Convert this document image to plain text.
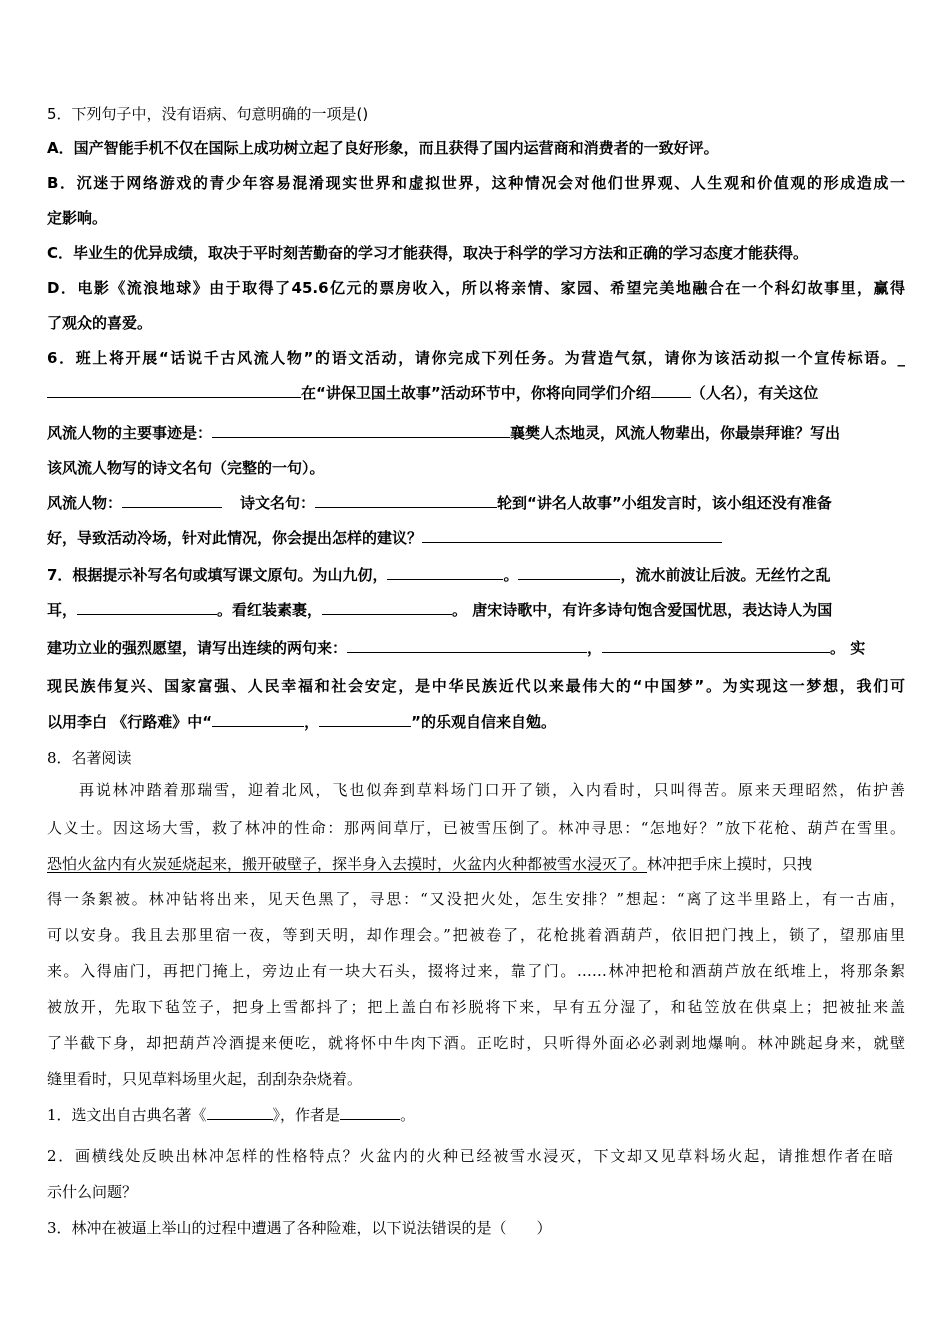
5．下列句子中，没有语病、句意明确的一项是()
A．国产智能手机不仅在国际上成功树立起了良好形象，而且获得了国内运营商和消费者的一致好评。
B．沉迷于网络游戏的青少年容易混淆现实世界和虚拟世界，这种情况会对他们世界观、人生观和价值观的形成造成一
定影响。
C．毕业生的优异成绩，取决于平时刻苦勤奋的学习才能获得，取决于科学的学习方法和正确的学习态度才能获得。
D．电影《流浪地球》由于取得了45.6亿元的票房收入，所以将亲情、家园、希望完美地融合在一个科幻故事里，赢得
了观众的喜爱。
6．班上将开展“话说千古风流人物”的语文活动，请你完成下列任务。为营造气氛，请你为该活动拟一个宣传标语。_
在“讲保卫国土故事”活动环节中，你将向同学们介绍	（人名），有关这位
风流人物的主要事迹是：	襄樊人杰地灵，风流人物辈出，你最崇拜谁？写出
该风流人物写的诗文名句（完整的一句）。
风流人物：	诗文名句：	轮到“讲名人故事”小组发言时，该小组还没有准备
好，导致活动冷场，针对此情况，你会提出怎样的建议？
7．根据提示补写名句或填写课文原句。为山九仞，	。	，流水前波让后波。无丝竹之乱
耳，	。看红装素裹，	。 唐宋诗歌中，有许多诗句饱含爱国忧思，表达诗人为国
建功立业的强烈愿望，请写出连续的两句来：	，	。 实
现民族伟复兴、国家富强、人民幸福和社会安定，是中华民族近代以来最伟大的“中国梦”。为实现这一梦想，我们可
以用李白 《行路难》中“	，	”的乐观自信来自勉。
8．名著阅读
再说林冲踏着那瑞雪，迎着北风，飞也似奔到草料场门口开了锁，入内看时，只叫得苦。原来天理昭然，佑护善
人义士。因这场大雪，救了林冲的性命：那两间草厅，已被雪压倒了。林冲寻思：“怎地好？”放下花枪、葫芦在雪里。
恐怕火盆内有火炭延烧起来，搬开破壁子，探半身入去摸时，火盆内火种都被雪水浸灭了。林冲把手床上摸时，只拽
得一条絮被。林冲钻将出来，见天色黑了，寻思：“又没把火处，怎生安排？”想起：“离了这半里路上，有一古庙，
可以安身。我且去那里宿一夜，等到天明，却作理会。”把被卷了，花枪挑着酒葫芦，依旧把门拽上，锁了，望那庙里
来。入得庙门，再把门掩上，旁边止有一块大石头，掇将过来，靠了门。……林冲把枪和酒葫芦放在纸堆上，将那条絮
被放开，先取下毡笠子，把身上雪都抖了；把上盖白布衫脱将下来，早有五分湿了，和毡笠放在供桌上；把被扯来盖
了半截下身，却把葫芦冷酒提来便吃，就将怀中牛肉下酒。正吃时，只听得外面必必剥剥地爆响。林冲跳起身来，就壁
缝里看时，只见草料场里火起，刮刮杂杂烧着。
1．选文出自古典名著《	》，作者是	。
2．画横线处反映出林冲怎样的性格特点？火盆内的火种已经被雪水浸灭，下文却又见草料场火起，请推想作者在暗
示什么问题？
3．林冲在被逼上举山的过程中遭遇了各种险难，以下说法错误的是（　　）
